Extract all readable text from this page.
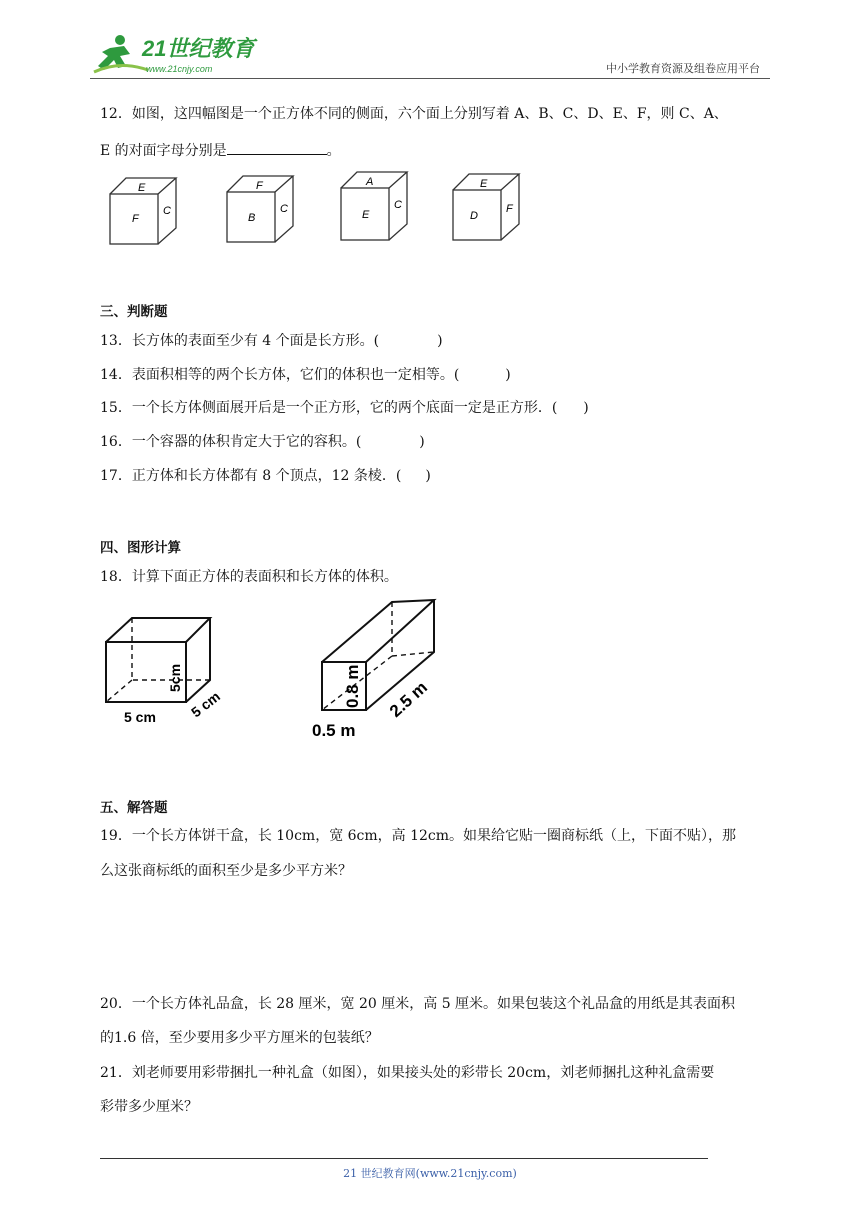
21世纪教育
www.21cnjy.com	中小学教育资源及组卷应用平台
12．如图，这四幅图是一个正方体不同的侧面，六个面上分别写着 A、B、C、D、E、F，则 C、A、
E 的对面字母分别是	。
E
F
C
F
B
C
A
E
C
E
D
F
三、判断题
13．长方体的表面至少有 4 个面是长方形。(	)
14．表面积相等的两个长方体，它们的体积也一定相等。(	)
15．一个长方体侧面展开后是一个正方形，它的两个底面一定是正方形．( )
16．一个容器的体积肯定大于它的容积。(	)
17．正方体和长方体都有 8 个顶点，12 条棱．( )
四、图形计算
18．计算下面正方体的表面积和长方体的体积。
5cm
5 cm
5 cm
0.8 m 2.5 m
0.5 m
五、解答题
19．一个长方体饼干盒，长 10cm，宽 6cm，高 12cm。如果给它贴一圈商标纸（上，下面不贴），那
么这张商标纸的面积至少是多少平方米？
20．一个长方体礼品盒，长 28 厘米，宽 20 厘米，高 5 厘米。如果包装这个礼品盒的用纸是其表面积
的1.6 倍，至少要用多少平方厘米的包装纸？
21．刘老师要用彩带捆扎一种礼盒（如图），如果接头处的彩带长 20cm，刘老师捆扎这种礼盒需要
彩带多少厘米？
21 世纪教育网(www.21cnjy.com)
